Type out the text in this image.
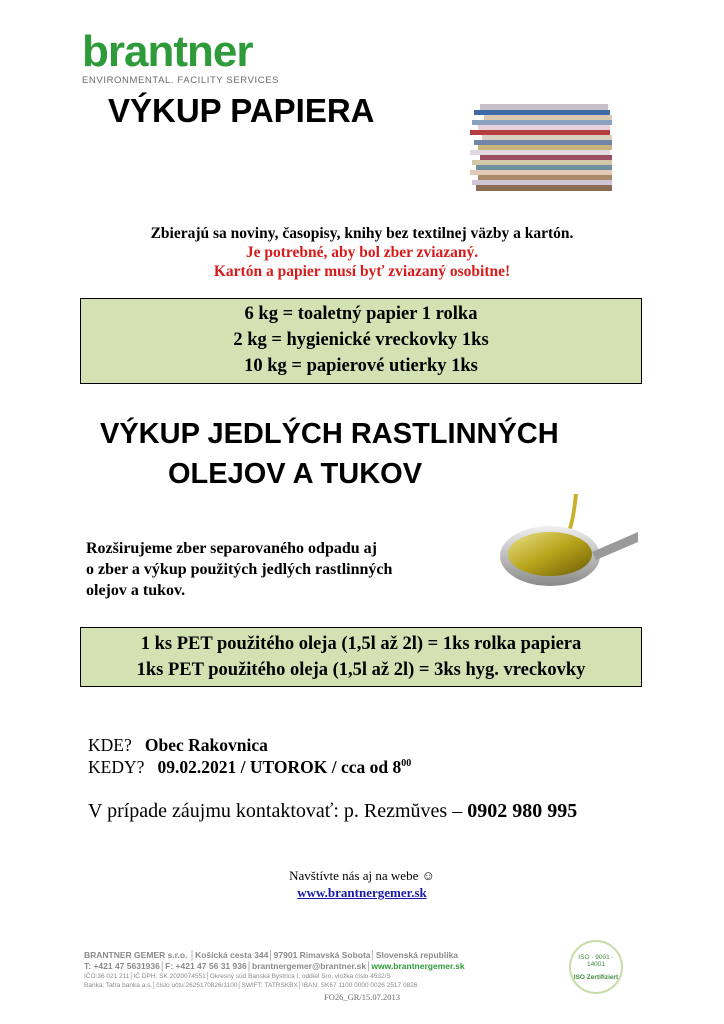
brantner
ENVIRONMENTAL. FACILITY SERVICES
VÝKUP PAPIERA
Zbierajú sa noviny, časopisy, knihy bez textilnej väzby a kartón.
Je potrebné, aby bol zber zviazaný.
Kartón a papier musí byť zviazaný osobitne!
6 kg = toaletný papier 1 rolka
2 kg = hygienické vreckovky 1ks
10 kg = papierové utierky 1ks
VÝKUP JEDLÝCH RASTLINNÝCH
OLEJOV A TUKOV
Rozširujeme zber separovaného odpadu aj
o zber a výkup použitých jedlých rastlinných
olejov a tukov.
1 ks PET použitého oleja (1,5l až 2l) = 1ks rolka papiera
1ks PET použitého oleja (1,5l až 2l) = 3ks hyg. vreckovky
KDE? Obec Rakovnica
KEDY? 09.02.2021 / UTOROK / cca od $8^{00}$
V prípade záujmu kontaktovať: p. Rezmŭves – 0902 980 995
Navštívte nás aj na webe ☺
www.brantnergemer.sk
BRANTNER GEMER s.r.o. │Košická cesta 344│97901 Rimavská Sobota│Slovenská republika
T: +421 47 5631936│F: +421 47 56 31 936│brantnergemer@brantner.sk│www.brantnergemer.sk
IČO:36 021 211│IČ DPH: SK 2020074551│Okresný súd Banská Bystrica I, oddiel Sro, vložka číslo 4532/S
Banka: Tatra banka a.s.│číslo účtu:2625170826/1100│SWIFT: TATRSKBX│IBAN: SK67 1100 0000 0026 2517 0826
FO26_GR/15.07.2013
ISO · 9001 · 14001
ISO Zertifiziert
